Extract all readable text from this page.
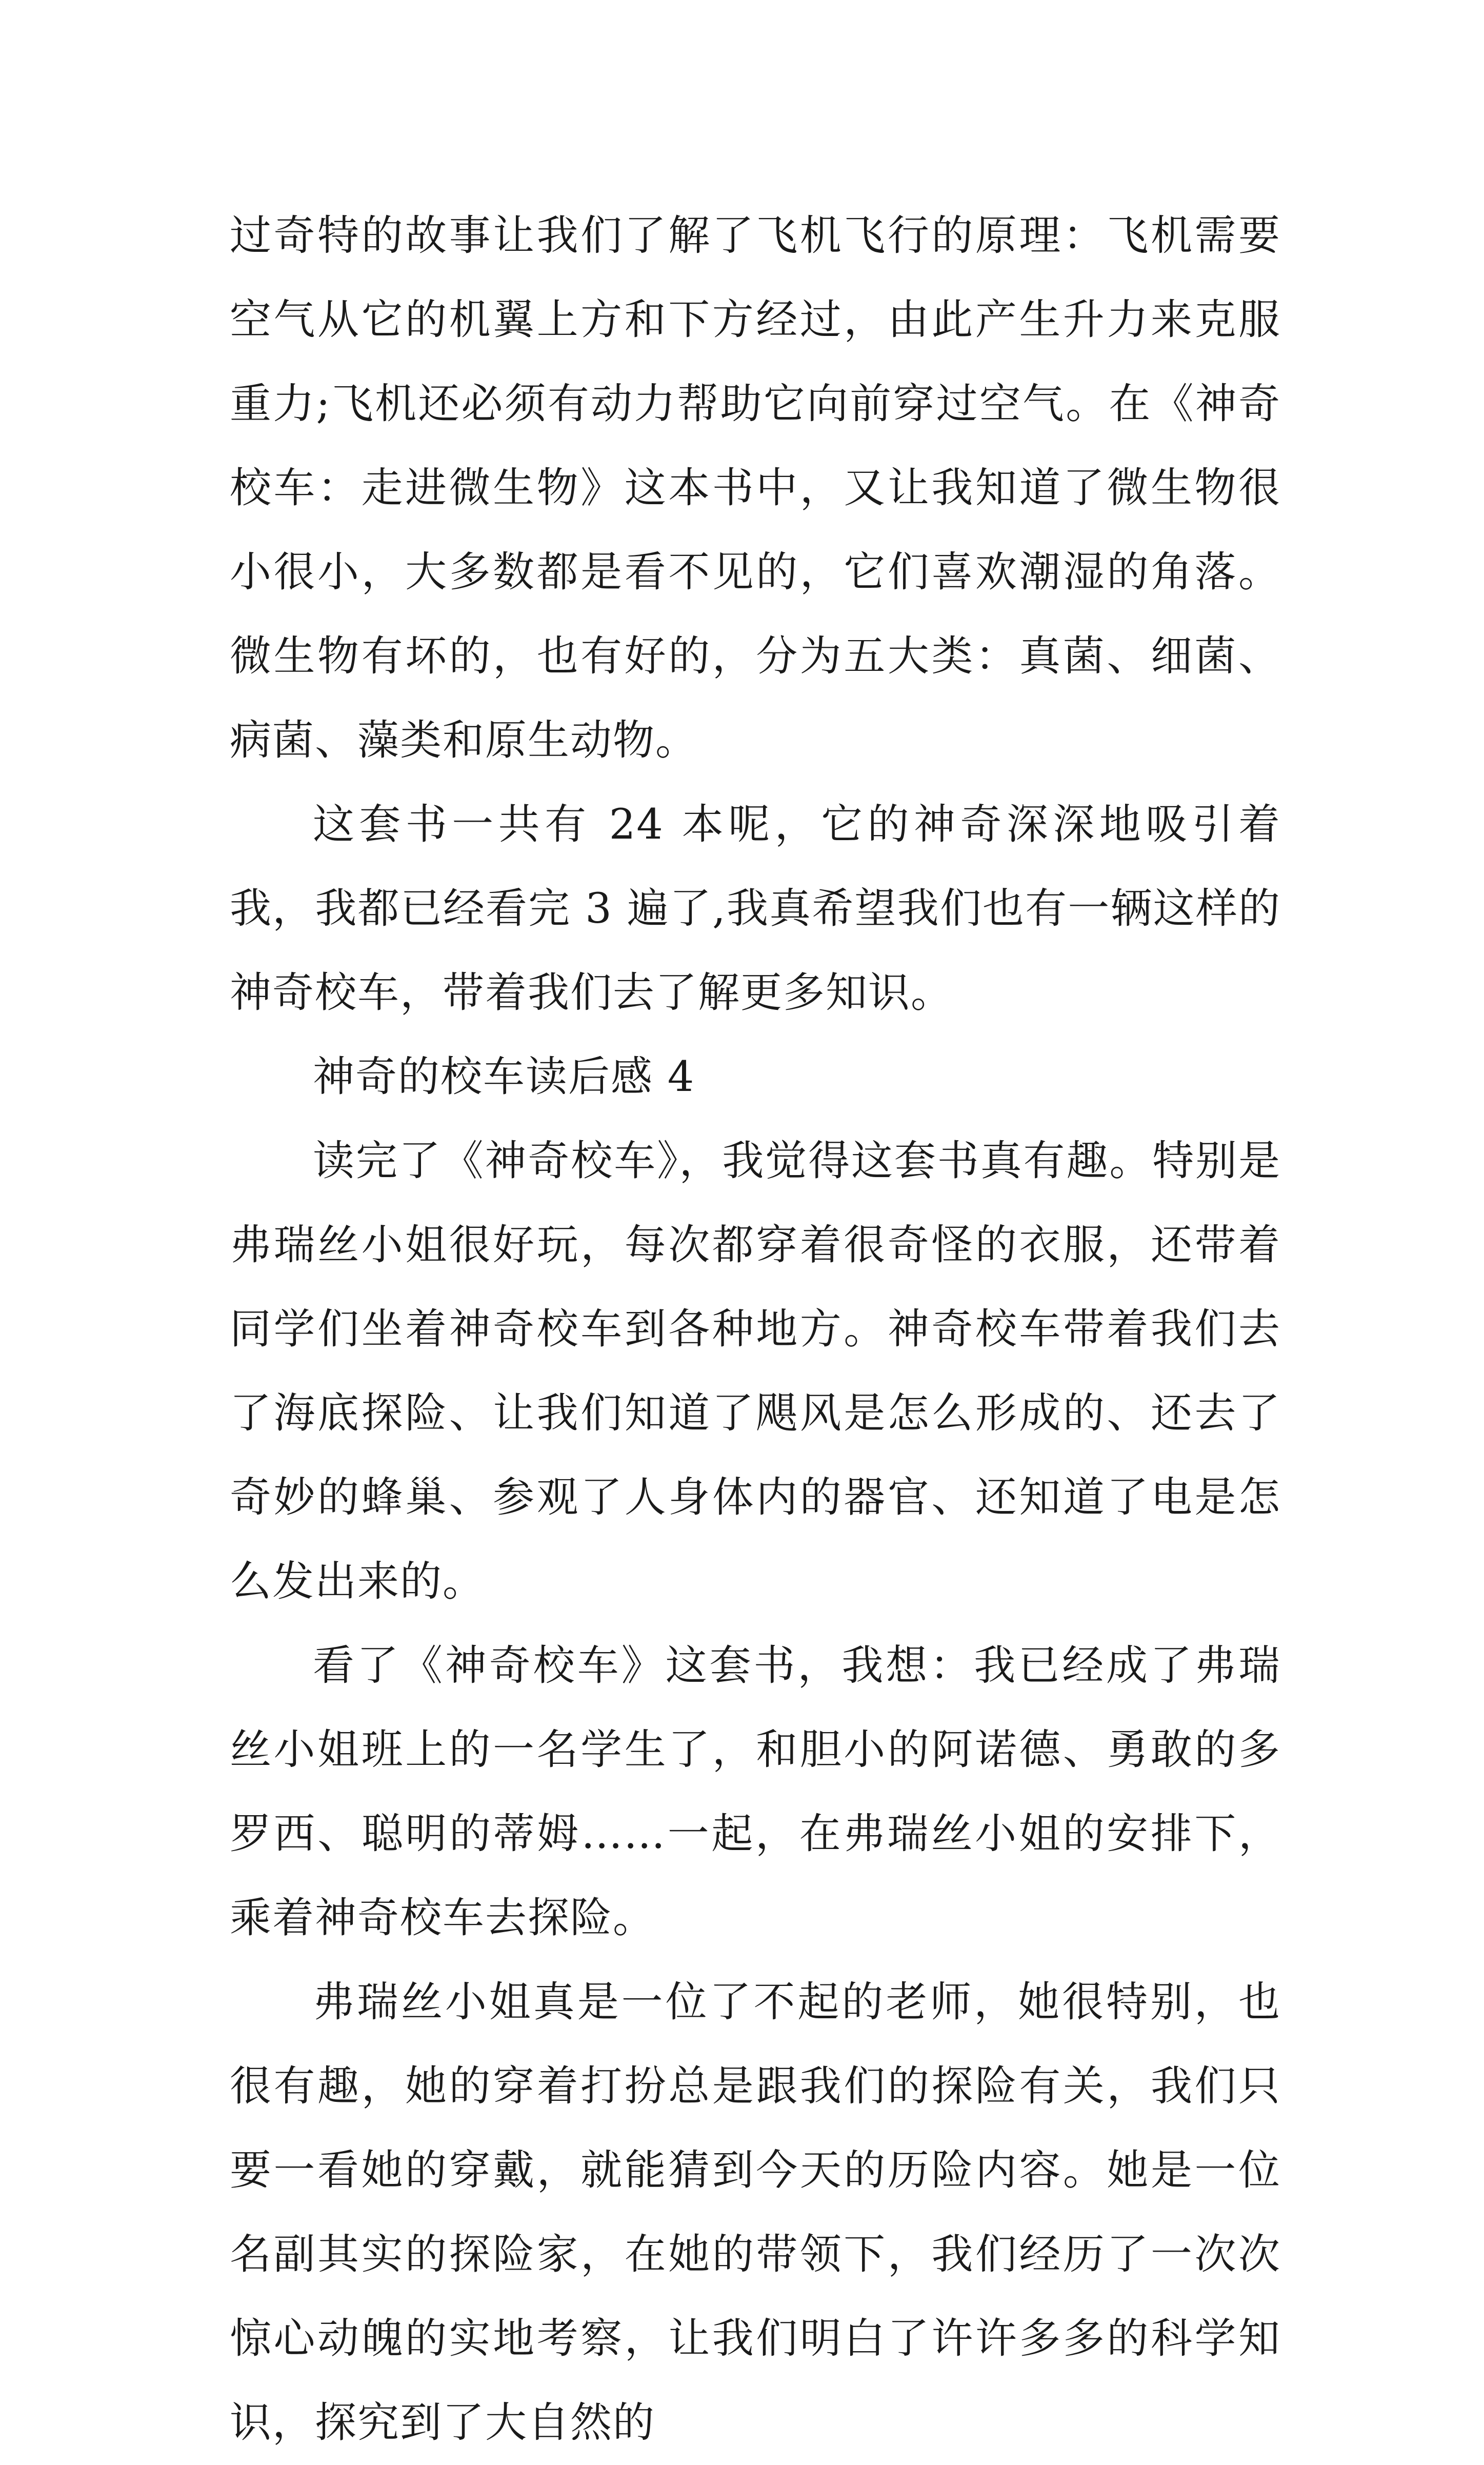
过奇特的故事让我们了解了飞机飞行的原理：飞机需要空气从它的机翼上方和下方经过，由此产生升力来克服重力;飞机还必须有动力帮助它向前穿过空气。在《神奇校车：走进微生物》这本书中，又让我知道了微生物很小很小，大多数都是看不见的，它们喜欢潮湿的角落。微生物有坏的，也有好的，分为五大类：真菌、细菌、病菌、藻类和原生动物。

这套书一共有 24 本呢，它的神奇深深地吸引着我，我都已经看完 3 遍了,我真希望我们也有一辆这样的神奇校车，带着我们去了解更多知识。

神奇的校车读后感 4

读完了《神奇校车》，我觉得这套书真有趣。特别是弗瑞丝小姐很好玩，每次都穿着很奇怪的衣服，还带着同学们坐着神奇校车到各种地方。神奇校车带着我们去了海底探险、让我们知道了飓风是怎么形成的、还去了奇妙的蜂巢、参观了人身体内的器官、还知道了电是怎么发出来的。

看了《神奇校车》这套书，我想：我已经成了弗瑞丝小姐班上的一名学生了，和胆小的阿诺德、勇敢的多罗西、聪明的蒂姆……一起，在弗瑞丝小姐的安排下，乘着神奇校车去探险。

弗瑞丝小姐真是一位了不起的老师，她很特别，也很有趣，她的穿着打扮总是跟我们的探险有关，我们只要一看她的穿戴，就能猜到今天的历险内容。她是一位名副其实的探险家，在她的带领下，我们经历了一次次惊心动魄的实地考察，让我们明白了许许多多的科学知识，探究到了大自然的
